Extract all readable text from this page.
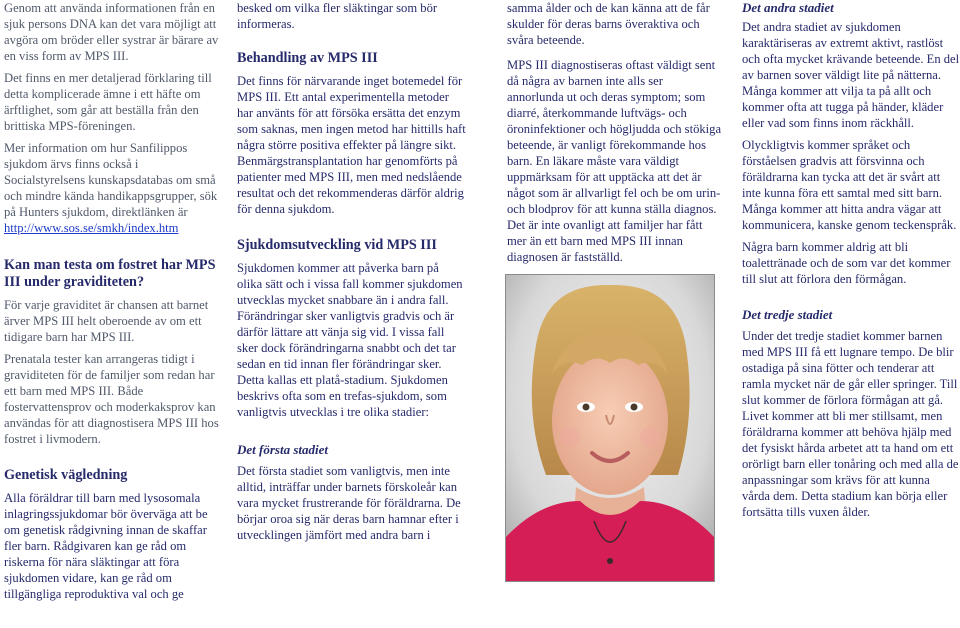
Genom att använda informationen från en sjuk persons DNA kan det vara möjligt att avgöra om bröder eller systrar är bärare av en viss form av MPS III.

Det finns en mer detaljerad förklaring till detta komplicerade ämne i ett häfte om ärftlighet, som går att beställa från den brittiska MPS-föreningen.

Mer information om hur Sanfilippos sjukdom ärvs finns också i Socialstyrelsens kunskapsdatabas om små och mindre kända handikappsgrupper, sök på Hunters sjukdom, direktlänken är

http://www.sos.se/smkh/index.htm
Kan man testa om fostret har MPS III under graviditeten?

För varje graviditet är chansen att barnet ärver MPS III helt oberoende av om ett tidigare barn har MPS III.

Prenatala tester kan arrangeras tidigt i graviditeten för de familjer som redan har ett barn med MPS III. Både fostervattensprov och moderkaksprov kan användas för att diagnostisera MPS III hos fostret i livmodern.

Genetisk vägledning

Alla föräldrar till barn med lysosomala inlagringssjukdomar bör överväga att be om genetisk rådgivning innan de skaffar fler barn. Rådgivaren kan ge råd om riskerna för nära släktingar att föra sjukdomen vidare, kan ge råd om tillgängliga reproduktiva val och ge

besked om vilka fler släktingar som bör informeras.

Behandling av MPS III

Det finns för närvarande inget botemedel för MPS III. Ett antal experimentella metoder har använts för att försöka ersätta det enzym som saknas, men ingen metod har hittills haft några större positiva effekter på längre sikt. Benmärgstransplantation har genomförts på patienter med MPS III, men med nedslående resultat och det rekommenderas därför aldrig för denna sjukdom.

Sjukdomsutveckling vid MPS III

Sjukdomen kommer att påverka barn på olika sätt och i vissa fall kommer sjukdomen utvecklas mycket snabbare än i andra fall. Förändringar sker vanligtvis gradvis och är därför lättare att vänja sig vid. I vissa fall sker dock förändringarna snabbt och det tar sedan en tid innan fler förändringar sker. Detta kallas ett platå-stadium. Sjukdomen beskrivs ofta som en trefas-sjukdom, som vanligtvis utvecklas i tre olika stadier:

Det första stadiet

Det första stadiet som vanligtvis, men inte alltid, inträffar under barnets förskoleår kan vara mycket frustrerande för föräldrarna. De börjar oroa sig när deras barn hamnar efter i utvecklingen jämfört med andra barn i

samma ålder och de kan känna att de får skulder för deras barns överaktiva och svåra beteende.

MPS III diagnostiseras oftast väldigt sent då några av barnen inte alls ser annorlunda ut och deras symptom; som diarré, återkommande luftvägs- och öroninfektioner och högljudda och stökiga beteende, är vanligt förekommande hos barn. En läkare måste vara väldigt uppmärksam för att upptäcka att det är något som är allvarligt fel och be om urin- och blodprov för att kunna ställa diagnos. Det är inte ovanligt att familjer har fått mer än ett barn med MPS III innan diagnosen är fastställd.

Det andra stadiet

Det andra stadiet av sjukdomen karaktäriseras av extremt aktivt, rastlöst och ofta mycket krävande beteende. En del av barnen sover väldigt lite på nätterna. Många kommer att vilja ta på allt och kommer ofta att tugga på händer, kläder eller vad som finns inom räckhåll.

Olyckligtvis kommer språket och förståelsen gradvis att försvinna och föräldrarna kan tycka att det är svårt att inte kunna föra ett samtal med sitt barn. Många kommer att hitta andra vägar att kommunicera, kanske genom teckenspråk.

Några barn kommer aldrig att bli toalettränade och de som var det kommer till slut att förlora den förmågan.

Det tredje stadiet

Under det tredje stadiet kommer barnen med MPS III få ett lugnare tempo. De blir ostadiga på sina fötter och tenderar att ramla mycket när de går eller springer. Till slut kommer de förlora förmågan att gå. Livet kommer att bli mer stillsamt, men föräldrarna kommer att behöva hjälp med det fysiskt hårda arbetet att ta hand om ett orörligt barn eller tonåring och med alla de anpassningar som krävs för att kunna vårda dem. Detta stadium kan börja eller fortsätta tills vuxen ålder.
